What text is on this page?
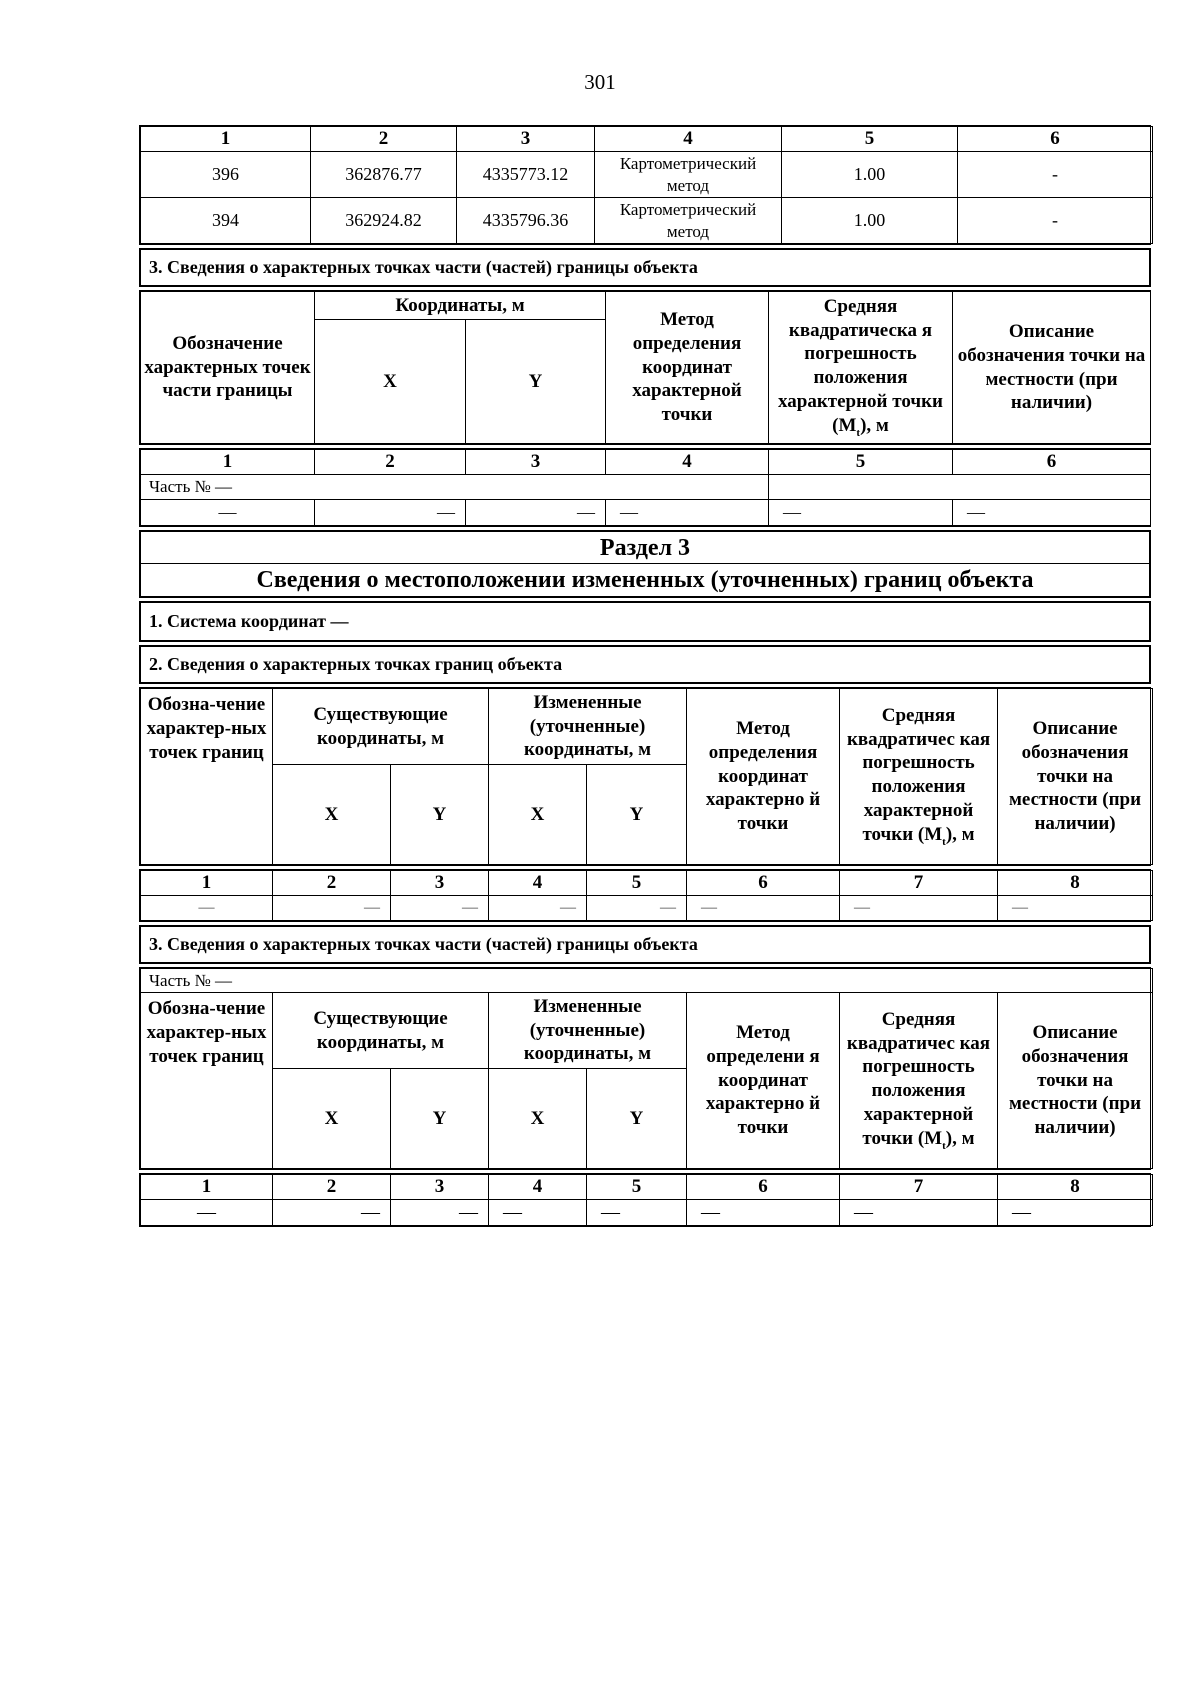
301
1	2	3	4	5	6
396	362876.77	4335773.12	Картометрический метод	1.00	-
394	362924.82	4335796.36	Картометрический метод	1.00	-
3. Сведения о характерных точках части (частей) границы объекта
Обозначение характерных точек части границы	Координаты, м		Метод определения координат характерной точки	Средняя квадратическа я погрешность положения характерной точки $(M_t)$, м	Описание обозначения точки на местности (при наличии)
	X	Y			
1	2	3	4	5	6
Часть № —					
—	—	—	—	—	—
Раздел 3
Сведения о местоположении измененных (уточненных) границ объекта
1. Система координат —
2. Сведения о характерных точках границ объекта
Обозна-чение характер-ных точек границ	Существующие координаты, м		Измененные (уточненные) координаты, м		Метод определения координат характерно й точки	Средняя квадратичес кая погрешность положения характерной точки $(M_t)$, м	Описание обозначения точки на местности (при наличии)
	X	Y	X	Y			
1	2	3	4	5	6	7	8
—	—	—	—	—	—	—	—
3. Сведения о характерных точках части (частей) границы объекта
Часть № —							
Обозна-чение характер-ных точек границ	Существующие координаты, м		Измененные (уточненные) координаты, м		Метод определени я координат характерно й точки	Средняя квадратичес кая погрешность положения характерной точки $(M_t)$, м	Описание обозначения точки на местности (при наличии)
	X	Y	X	Y			
1	2	3	4	5	6	7	8
—	—	—	—	—	—	—	—
